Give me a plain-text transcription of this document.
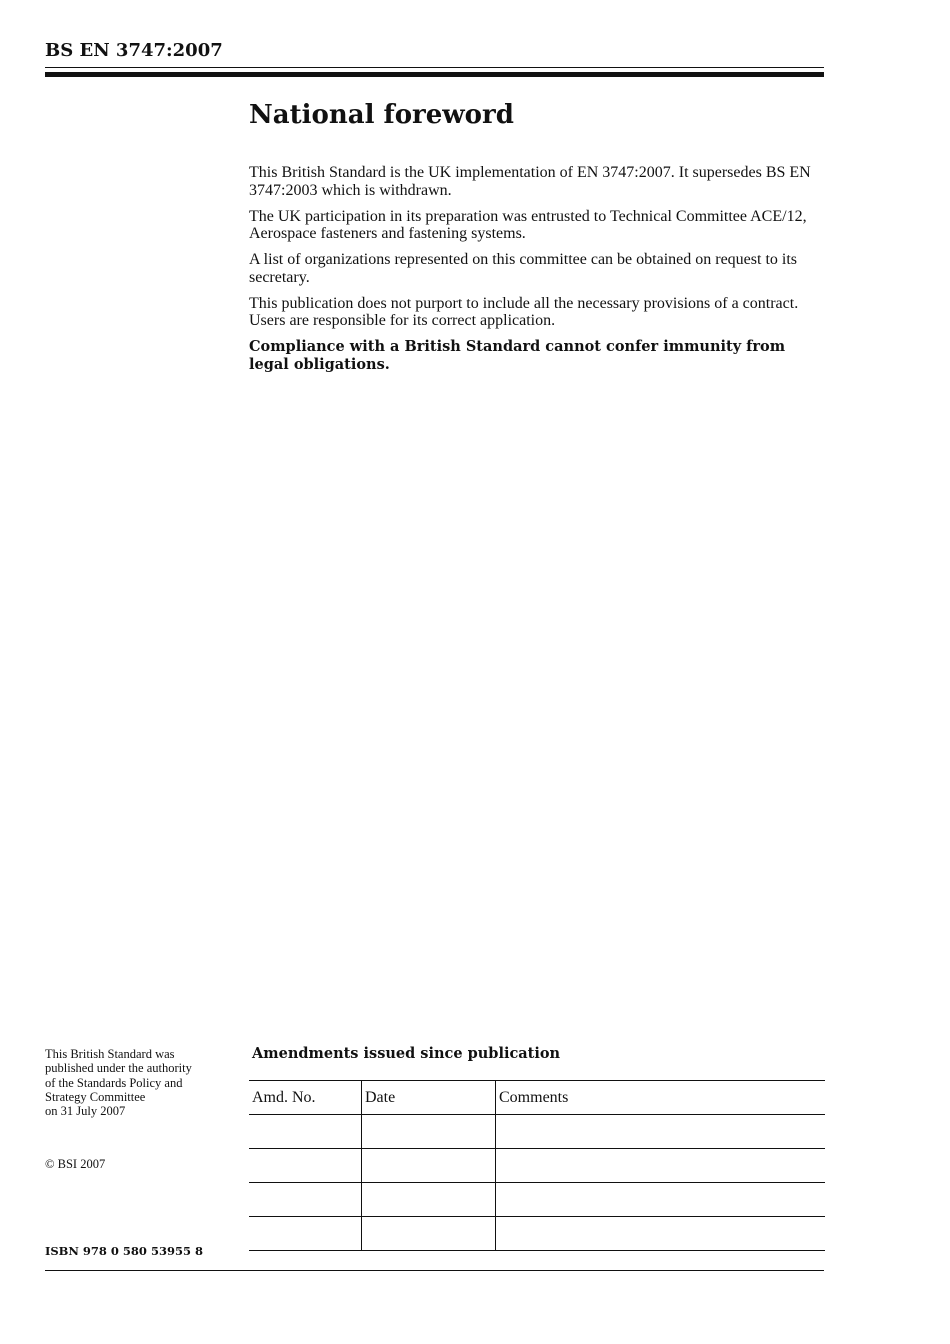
BS EN 3747:2007
National foreword

This British Standard is the UK implementation of EN 3747:2007. It supersedes BS EN 3747:2003 which is withdrawn.

The UK participation in its preparation was entrusted to Technical Committee ACE/12, Aerospace fasteners and fastening systems.

A list of organizations represented on this committee can be obtained on request to its secretary.

This publication does not purport to include all the necessary provisions of a contract. Users are responsible for its correct application.

Compliance with a British Standard cannot confer immunity from legal obligations.

This British Standard was

published under the authority

of the Standards Policy and

Strategy Committee

on 31 July 2007

© BSI 2007

ISBN 978 0 580 53955 8

Amendments issued since publication
Amd. No.	Date	Comments
